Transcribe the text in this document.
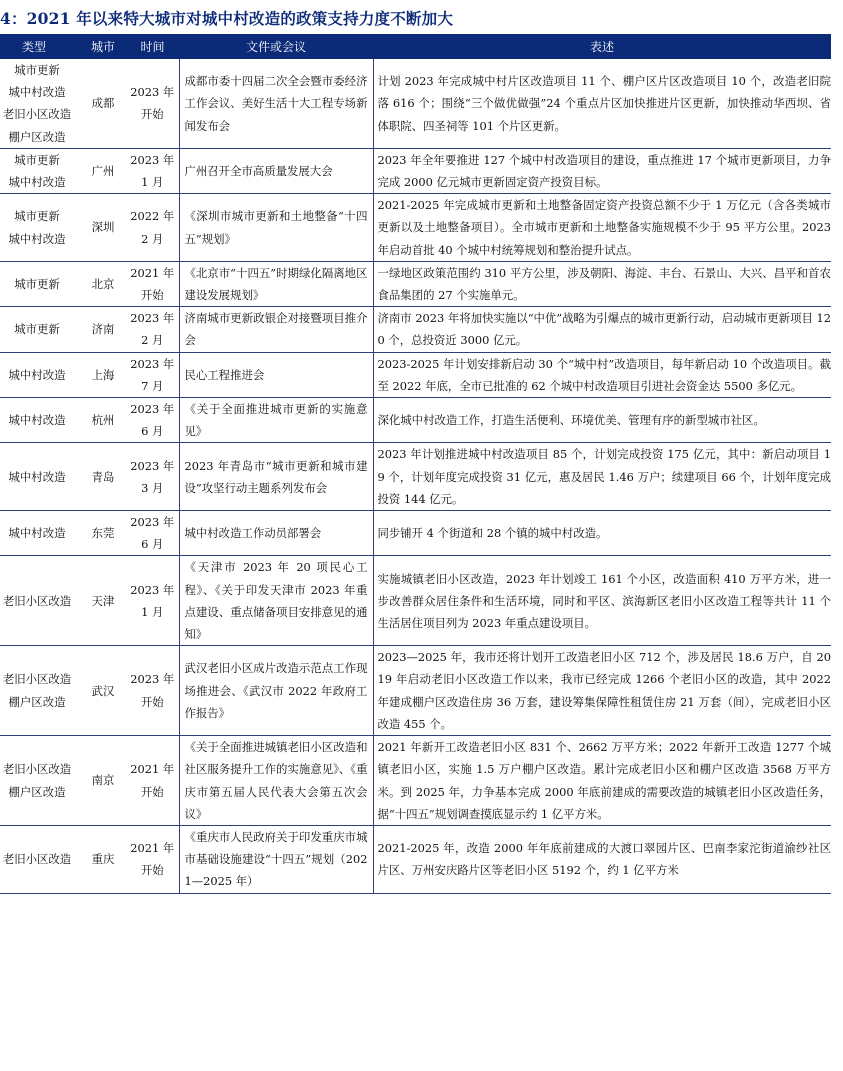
4：2021 年以来特大城市对城中村改造的政策支持力度不断加大
类型	城市	时间	文件或会议	表述

城市更新
城中村改造
老旧小区改造
棚户区改造	成都	2023 年
开始	成都市委十四届二次全会暨市委经济工作会议、美好生活十大工程专场新闻发布会	计划 2023 年完成城中村片区改造项目 11 个、棚户区片区改造项目 10 个，改造老旧院落 616 个；围绕“三个做优做强”24 个重点片区加快推进片区更新，加快推动华西坝、省体职院、四圣祠等 101 个片区更新。

城市更新
城中村改造	广州	2023 年
1 月	广州召开全市高质量发展大会	2023 年全年要推进 127 个城中村改造项目的建设，重点推进 17 个城市更新项目，力争完成 2000 亿元城市更新固定资产投资目标。

城市更新
城中村改造	深圳	2022 年
2 月	《深圳市城市更新和土地整备“十四五”规划》	2021-2025 年完成城市更新和土地整备固定资产投资总额不少于 1 万亿元（含各类城市更新以及土地整备项目）。全市城市更新和土地整备实施规模不少于 95 平方公里。2023 年启动首批 40 个城中村统筹规划和整治提升试点。

城市更新	北京	2021 年
开始	《北京市“十四五”时期绿化隔离地区建设发展规划》	一绿地区政策范围约 310 平方公里，涉及朝阳、海淀、丰台、石景山、大兴、昌平和首农食品集团的 27 个实施单元。

城市更新	济南	2023 年
2 月	济南城市更新政银企对接暨项目推介会	济南市 2023 年将加快实施以“中优”战略为引爆点的城市更新行动，启动城市更新项目 120 个，总投资近 3000 亿元。

城中村改造	上海	2023 年
7 月	民心工程推进会	2023-2025 年计划安排新启动 30 个“城中村”改造项目，每年新启动 10 个改造项目。截至 2022 年底，全市已批准的 62 个城中村改造项目引进社会资金达 5500 多亿元。

城中村改造	杭州	2023 年
6 月	《关于全面推进城市更新的实施意见》	深化城中村改造工作，打造生活便利、环境优美、管理有序的新型城市社区。

城中村改造	青岛	2023 年
3 月	2023 年青岛市“城市更新和城市建设”攻坚行动主题系列发布会	2023 年计划推进城中村改造项目 85 个，计划完成投资 175 亿元，其中：新启动项目 19 个，计划年度完成投资 31 亿元，惠及居民 1.46 万户；续建项目 66 个，计划年度完成投资 144 亿元。

城中村改造	东莞	2023 年
6 月	城中村改造工作动员部署会	同步铺开 4 个街道和 28 个镇的城中村改造。

老旧小区改造	天津	2023 年
1 月	《天津市 2023 年 20 项民心工程》、《关于印发天津市 2023 年重点建设、重点储备项目安排意见的通知》	实施城镇老旧小区改造，2023 年计划竣工 161 个小区，改造面积 410 万平方米，进一步改善群众居住条件和生活环境，同时和平区、滨海新区老旧小区改造工程等共计 11 个生活居住项目列为 2023 年重点建设项目。

老旧小区改造
棚户区改造	武汉	2023 年
开始	武汉老旧小区成片改造示范点工作现场推进会、《武汉市 2022 年政府工作报告》	2023—2025 年，我市还将计划开工改造老旧小区 712 个，涉及居民 18.6 万户，自 2019 年启动老旧小区改造工作以来，我市已经完成 1266 个老旧小区的改造，其中 2022 年建成棚户区改造住房 36 万套，建设筹集保障性租赁住房 21 万套（间），完成老旧小区改造 455 个。

老旧小区改造
棚户区改造	南京	2021 年
开始	《关于全面推进城镇老旧小区改造和社区服务提升工作的实施意见》、《重庆市第五届人民代表大会第五次会议》	2021 年新开工改造老旧小区 831 个、2662 万平方米；2022 年新开工改造 1277 个城镇老旧小区，实施 1.5 万户棚户区改造。累计完成老旧小区和棚户区改造 3568 万平方米。到 2025 年，力争基本完成 2000 年底前建成的需要改造的城镇老旧小区改造任务，据“十四五”规划调查摸底显示约 1 亿平方米。

老旧小区改造	重庆	2021 年
开始	《重庆市人民政府关于印发重庆市城市基础设施建设“十四五”规划（2021—2025 年）	2021-2025 年，改造 2000 年年底前建成的大渡口翠园片区、巴南李家沱街道渝纱社区片区、万州安庆路片区等老旧小区 5192 个，约 1 亿平方米
